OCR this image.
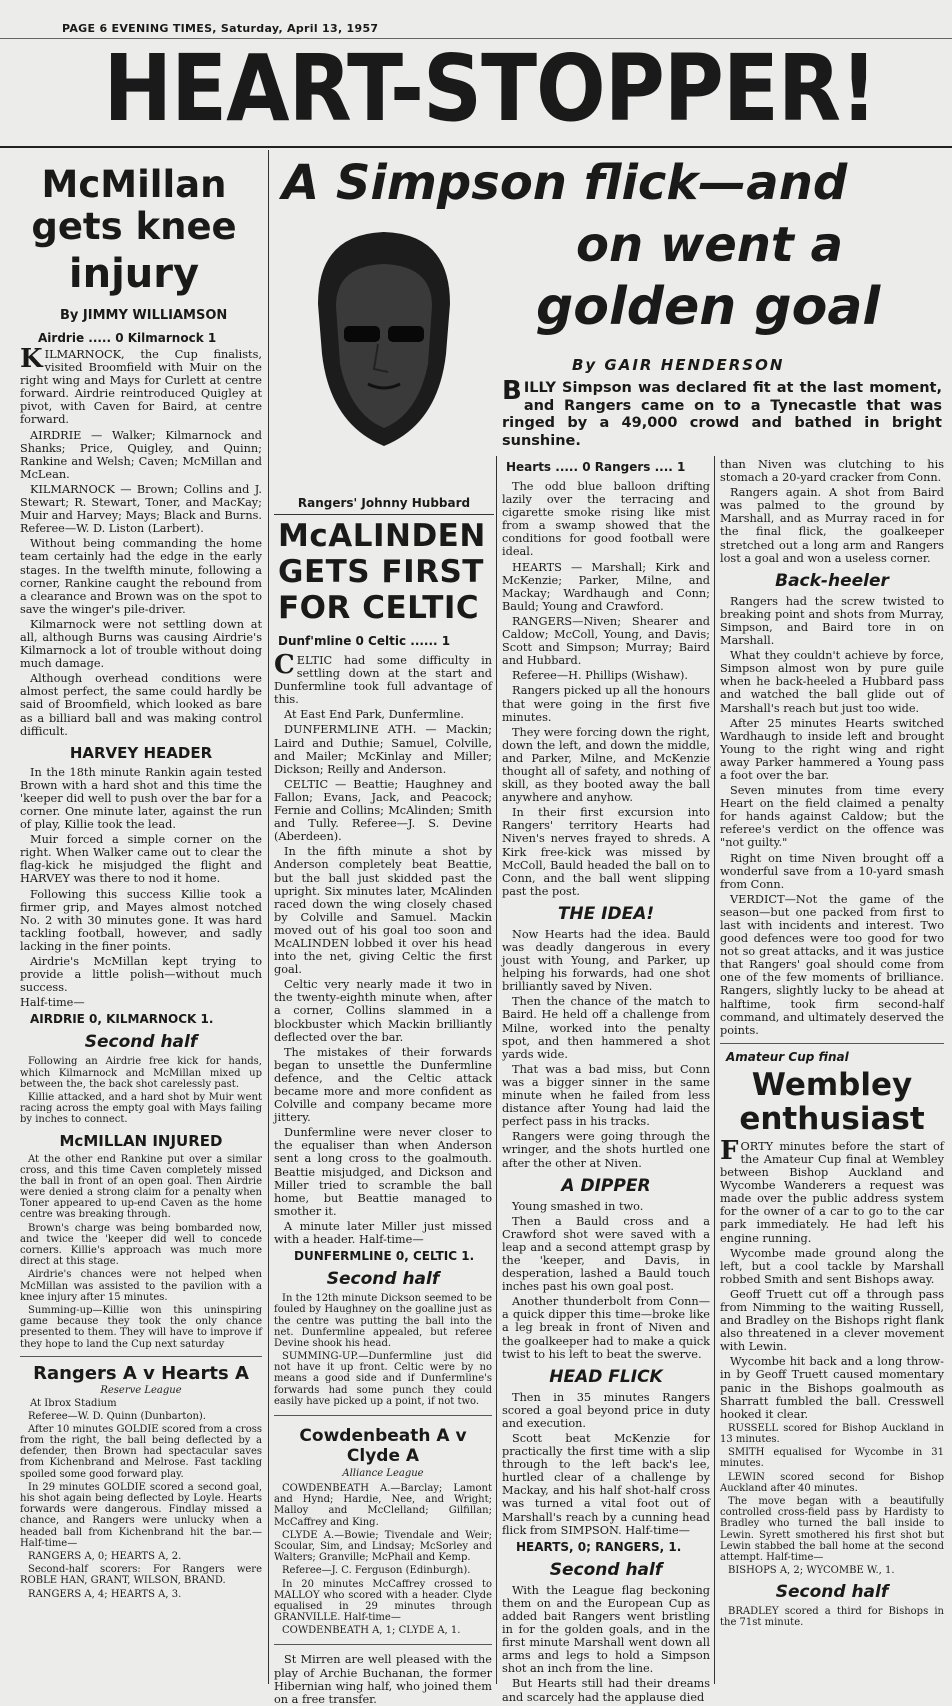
PAGE 6 EVENING TIMES, Saturday, April 13, 1957
HEART-STOPPER!
McMillan
gets knee
injury
By JIMMY WILLIAMSON
Airdrie ..... 0 Kilmarnock 1

KILMARNOCK, the Cup finalists, visited Broomfield with Muir on the right wing and Mays for Curlett at centre forward. Airdrie reintroduced Quigley at pivot, with Caven for Baird, at centre forward.

AIRDRIE — Walker; Kilmarnock and Shanks; Price, Quigley, and Quinn; Rankine and Welsh; Caven; McMillan and McLean.

KILMARNOCK — Brown; Collins and J. Stewart; R. Stewart, Toner, and MacKay; Muir and Harvey; Mays; Black and Burns. Referee—W. D. Liston (Larbert).

Without being commanding the home team certainly had the edge in the early stages. In the twelfth minute, following a corner, Rankine caught the rebound from a clearance and Brown was on the spot to save the winger's pile-driver.

Kilmarnock were not settling down at all, although Burns was causing Airdrie's Kilmarnock a lot of trouble without doing much damage.

Although overhead conditions were almost perfect, the same could hardly be said of Broomfield, which looked as bare as a billiard ball and was making control difficult.

HARVEY HEADER

In the 18th minute Rankin again tested Brown with a hard shot and this time the 'keeper did well to push over the bar for a corner. One minute later, against the run of play, Killie took the lead.

Muir forced a simple corner on the right. When Walker came out to clear the flag-kick he misjudged the flight and HARVEY was there to nod it home.

Following this success Killie took a firmer grip, and Mayes almost notched No. 2 with 30 minutes gone. It was hard tackling football, however, and sadly lacking in the finer points.

Airdrie's McMillan kept trying to provide a little polish—without much success.

Half-time—

AIRDRIE 0, KILMARNOCK 1.

Second half

Following an Airdrie free kick for hands, which Kilmarnock and McMillan mixed up between the, the back shot carelessly past.

Killie attacked, and a hard shot by Muir went racing across the empty goal with Mays failing by inches to connect.

McMILLAN INJURED

At the other end Rankine put over a similar cross, and this time Caven completely missed the ball in front of an open goal. Then Airdrie were denied a strong claim for a penalty when Toner appeared to up-end Caven as the home centre was breaking through.

Brown's charge was being bombarded now, and twice the 'keeper did well to concede corners. Killie's approach was much more direct at this stage.

Airdrie's chances were not helped when McMillan was assisted to the pavilion with a knee injury after 15 minutes.

Summing-up—Killie won this uninspiring game because they took the only chance presented to them. They will have to improve if they hope to land the Cup next saturday

Rangers A v Hearts A
Reserve League
At Ibrox Stadium

Referee—W. D. Quinn (Dunbarton).

After 10 minutes GOLDIE scored from a cross from the right, the ball being deflected by a defender, then Brown had spectacular saves from Kichenbrand and Melrose. Fast tackling spoiled some good forward play.

In 29 minutes GOLDIE scored a second goal, his shot again being deflected by Loyle. Hearts forwards were dangerous. Findlay missed a chance, and Rangers were unlucky when a headed ball from Kichenbrand hit the bar.—Half-time—

RANGERS A, 0; HEARTS A, 2.

Second-half scorers: For Rangers were ROBLE HAN, GRANT, WILSON, BRAND.

RANGERS A, 4; HEARTS A, 3.

A Simpson flick—and
on went a
golden goal
Rangers' Johnny Hubbard
By GAIR HENDERSON
BILLY Simpson was declared fit at the last moment, and Rangers came on to a Tynecastle that was ringed by a 49,000 crowd and bathed in bright sunshine.
McALINDEN
GETS FIRST
FOR CELTIC
Dunf'mline 0 Celtic ...... 1

CELTIC had some difficulty in settling down at the start and Dunfermline took full advantage of this.

At East End Park, Dunfermline.

DUNFERMLINE ATH. — Mackin; Laird and Duthie; Samuel, Colville, and Mailer; McKinlay and Miller; Dickson; Reilly and Anderson.

CELTIC — Beattie; Haughney and Fallon; Evans, Jack, and Peacock; Fernie and Collins; McAlinden; Smith and Tully. Referee—J. S. Devine (Aberdeen).

In the fifth minute a shot by Anderson completely beat Beattie, but the ball just skidded past the upright. Six minutes later, McAlinden raced down the wing closely chased by Colville and Samuel. Mackin moved out of his goal too soon and McALINDEN lobbed it over his head into the net, giving Celtic the first goal.

Celtic very nearly made it two in the twenty-eighth minute when, after a corner, Collins slammed in a blockbuster which Mackin brilliantly deflected over the bar.

The mistakes of their forwards began to unsettle the Dunfermline defence, and the Celtic attack became more and more confident as Colville and company became more jittery.

Dunfermline were never closer to the equaliser than when Anderson sent a long cross to the goalmouth. Beattie misjudged, and Dickson and Miller tried to scramble the ball home, but Beattie managed to smother it.

A minute later Miller just missed with a header. Half-time—

DUNFERMLINE 0, CELTIC 1.

Second half

In the 12th minute Dickson seemed to be fouled by Haughney on the goalline just as the centre was putting the ball into the net. Dunfermline appealed, but referee Devine shook his head.

SUMMING-UP.—Dunfermline just did not have it up front. Celtic were by no means a good side and if Dunfermline's forwards had some punch they could easily have picked up a point, if not two.

Cowdenbeath A v Clyde A
Alliance League

COWDENBEATH A.—Barclay; Lamont and Hynd; Hardie, Nee, and Wright; Malloy and McClelland; Gilfillan; McCaffrey and King.

CLYDE A.—Bowie; Tivendale and Weir; Scoular, Sim, and Lindsay; McSorley and Walters; Granville; McPhail and Kemp.

Referee—J. C. Ferguson (Edinburgh).

In 20 minutes McCaffrey crossed to MALLOY who scored with a header. Clyde equalised in 29 minutes through GRANVILLE. Half-time—

COWDENBEATH A, 1; CLYDE A, 1.

St Mirren are well pleased with the play of Archie Buchanan, the former Hibernian wing half, who joined them on a free transfer.

Hearts ..... 0 Rangers .... 1

The odd blue balloon drifting lazily over the terracing and cigarette smoke rising like mist from a swamp showed that the conditions for good football were ideal.

HEARTS — Marshall; Kirk and McKenzie; Parker, Milne, and Mackay; Wardhaugh and Conn; Bauld; Young and Crawford.

RANGERS—Niven; Shearer and Caldow; McColl, Young, and Davis; Scott and Simpson; Murray; Baird and Hubbard.

Referee—H. Phillips (Wishaw).

Rangers picked up all the honours that were going in the first five minutes.

They were forcing down the right, down the left, and down the middle, and Parker, Milne, and McKenzie thought all of safety, and nothing of skill, as they booted away the ball anywhere and anyhow.

In their first excursion into Rangers' territory Hearts had Niven's nerves frayed to shreds. A Kirk free-kick was missed by McColl, Bauld headed the ball on to Conn, and the ball went slipping past the post.

THE IDEA!

Now Hearts had the idea. Bauld was deadly dangerous in every joust with Young, and Parker, up helping his forwards, had one shot brilliantly saved by Niven.

Then the chance of the match to Baird. He held off a challenge from Milne, worked into the penalty spot, and then hammered a shot yards wide.

That was a bad miss, but Conn was a bigger sinner in the same minute when he failed from less distance after Young had laid the perfect pass in his tracks.

Rangers were going through the wringer, and the shots hurtled one after the other at Niven.

A DIPPER

Young smashed in two.

Then a Bauld cross and a Crawford shot were saved with a leap and a second attempt grasp by the 'keeper, and Davis, in desperation, lashed a Bauld touch inches past his own goal post.

Another thunderbolt from Conn—a quick dipper this time—broke like a leg break in front of Niven and the goalkeeper had to make a quick twist to his left to beat the swerve.

HEAD FLICK

Then in 35 minutes Rangers scored a goal beyond price in duty and execution.

Scott beat McKenzie for practically the first time with a slip through to the left back's lee, hurtled clear of a challenge by Mackay, and his half shot-half cross was turned a vital foot out of Marshall's reach by a cunning head flick from SIMPSON. Half-time—

HEARTS, 0; RANGERS, 1.

Second half

With the League flag beckoning them on and the European Cup as added bait Rangers went bristling in for the golden goals, and in the first minute Marshall went down all arms and legs to hold a Simpson shot an inch from the line.

But Hearts still had their dreams and scarcely had the applause died

than Niven was clutching to his stomach a 20-yard cracker from Conn.

Rangers again. A shot from Baird was palmed to the ground by Marshall, and as Murray raced in for the final flick, the goalkeeper stretched out a long arm and Rangers lost a goal and won a useless corner.

Back-heeler

Rangers had the screw twisted to breaking point and shots from Murray, Simpson, and Baird tore in on Marshall.

What they couldn't achieve by force, Simpson almost won by pure guile when he back-heeled a Hubbard pass and watched the ball glide out of Marshall's reach but just too wide.

After 25 minutes Hearts switched Wardhaugh to inside left and brought Young to the right wing and right away Parker hammered a Young pass a foot over the bar.

Seven minutes from time every Heart on the field claimed a penalty for hands against Caldow; but the referee's verdict on the offence was "not guilty."

Right on time Niven brought off a wonderful save from a 10-yard smash from Conn.

VERDICT—Not the game of the season—but one packed from first to last with incidents and interest. Two good defences were too good for two not so great attacks, and it was justice that Rangers' goal should come from one of the few moments of brilliance. Rangers, slightly lucky to be ahead at halftime, took firm second-half command, and ultimately deserved the points.

Amateur Cup final
Wembley
enthusiast

FORTY minutes before the start of the Amateur Cup final at Wembley between Bishop Auckland and Wycombe Wanderers a request was made over the public address system for the owner of a car to go to the car park immediately. He had left his engine running.

Wycombe made ground along the left, but a cool tackle by Marshall robbed Smith and sent Bishops away.

Geoff Truett cut off a through pass from Nimming to the waiting Russell, and Bradley on the Bishops right flank also threatened in a clever movement with Lewin.

Wycombe hit back and a long throw-in by Geoff Truett caused momentary panic in the Bishops goalmouth as Sharratt fumbled the ball. Cresswell hooked it clear.

RUSSELL scored for Bishop Auckland in 13 minutes.

SMITH equalised for Wycombe in 31 minutes.

LEWIN scored second for Bishop Auckland after 40 minutes.

The move began with a beautifully controlled cross-field pass by Hardisty to Bradley who turned the ball inside to Lewin. Syrett smothered his first shot but Lewin stabbed the ball home at the second attempt. Half-time—

BISHOPS A, 2; WYCOMBE W., 1.

Second half

BRADLEY scored a third for Bishops in the 71st minute.
